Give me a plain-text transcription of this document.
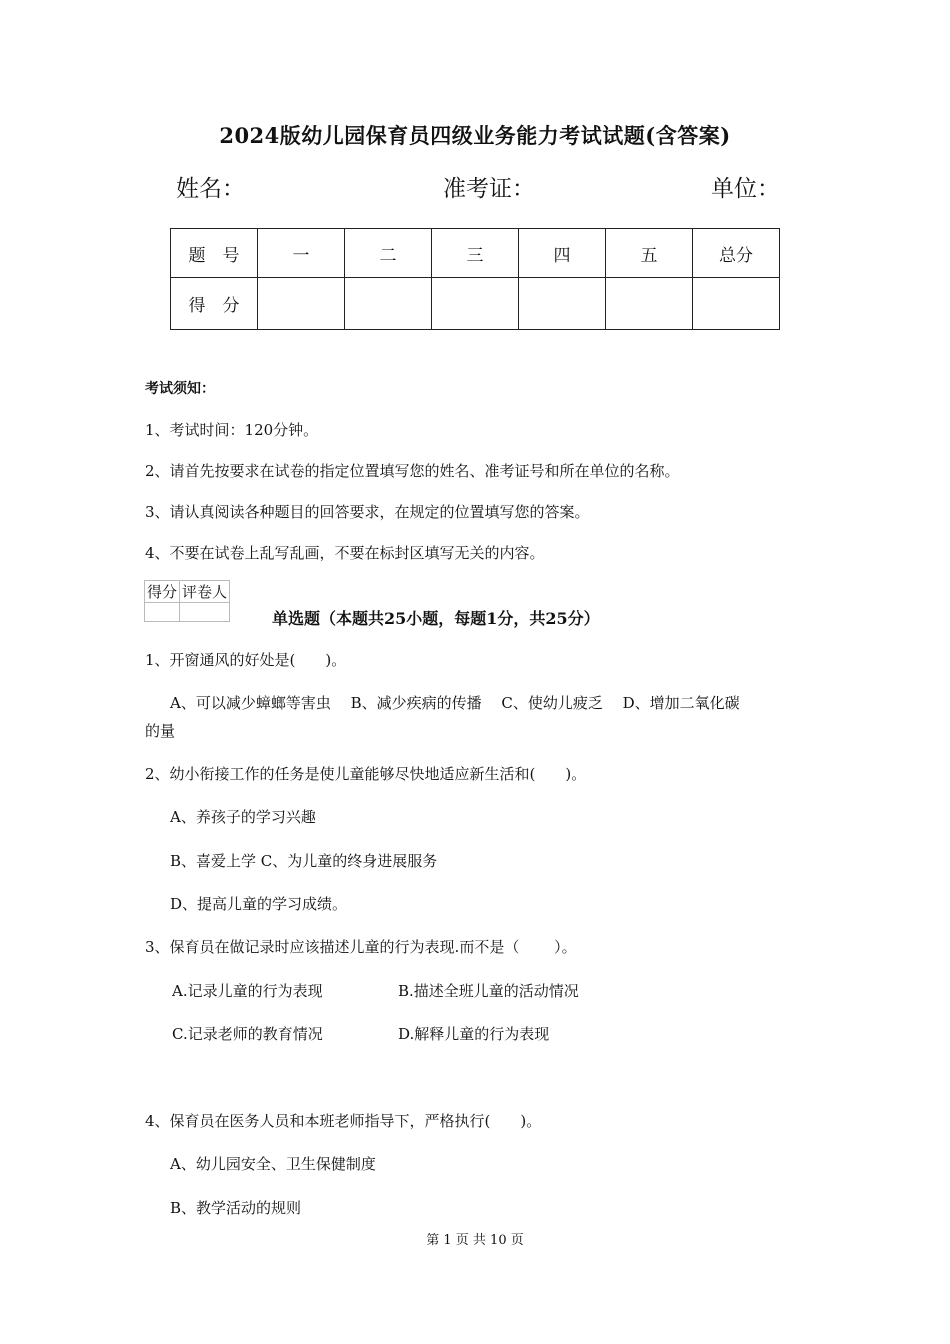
2024版幼儿园保育员四级业务能力考试试题(含答案)
姓名：	准考证：	单位：
题　号	一	二	三	四	五	总分
得　分						
考试须知：
1、考试时间：120分钟。
2、请首先按要求在试卷的指定位置填写您的姓名、准考证号和所在单位的名称。
3、请认真阅读各种题目的回答要求，在规定的位置填写您的答案。
4、不要在试卷上乱写乱画，不要在标封区填写无关的内容。
得分	评卷人

单选题（本题共25小题，每题1分，共25分）
1、开窗通风的好处是(　　)。
A、可以减少蟑螂等害虫　 B、减少疾病的传播　 C、使幼儿疲乏　 D、增加二氧化碳
的量
2、幼小衔接工作的任务是使儿童能够尽快地适应新生活和(　　)。
A、养孩子的学习兴趣
B、喜爱上学 C、为儿童的终身进展服务
D、提高儿童的学习成绩。
3、保育员在做记录时应该描述儿童的行为表现.而不是（　　 ）。
A.记录儿童的行为表现	B.描述全班儿童的活动情况
C.记录老师的教育情况	D.解释儿童的行为表现
4、保育员在医务人员和本班老师指导下，严格执行(　　)。
A、幼儿园安全、卫生保健制度
B、教学活动的规则
第 1 页 共 10 页
